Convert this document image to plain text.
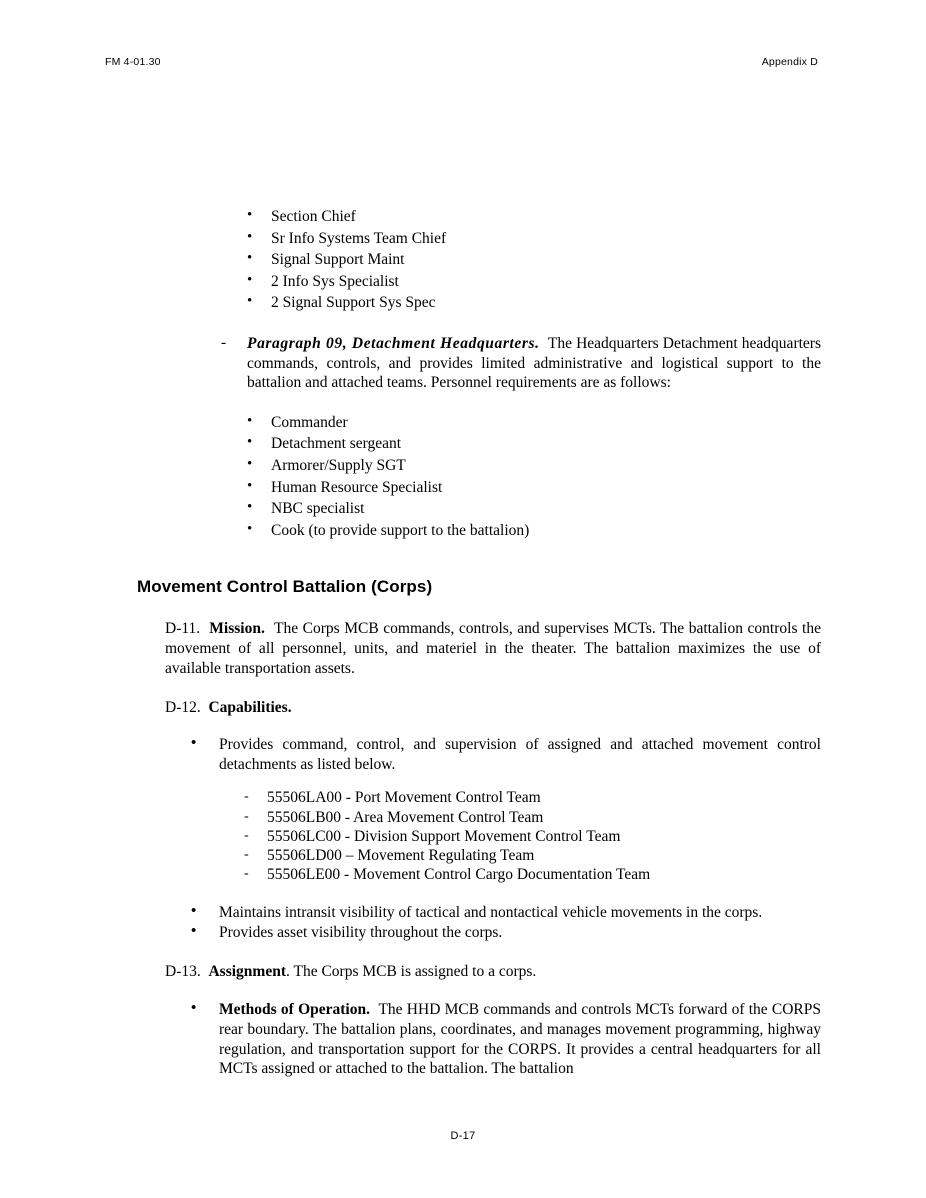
FM 4-01.30	Appendix D
• Section Chief
• Sr Info Systems Team Chief
• Signal Support Maint
• 2 Info Sys Specialist
• 2 Signal Support Sys Spec
- Paragraph 09, Detachment Headquarters. The Headquarters Detachment headquarters commands, controls, and provides limited administrative and logistical support to the battalion and attached teams. Personnel requirements are as follows:
• Commander
• Detachment sergeant
• Armorer/Supply SGT
• Human Resource Specialist
• NBC specialist
• Cook (to provide support to the battalion)
Movement Control Battalion (Corps)
D-11. Mission. The Corps MCB commands, controls, and supervises MCTs. The battalion controls the movement of all personnel, units, and materiel in the theater. The battalion maximizes the use of available transportation assets.
D-12. Capabilities.
• Provides command, control, and supervision of assigned and attached movement control detachments as listed below.
- 55506LA00 - Port Movement Control Team
- 55506LB00 - Area Movement Control Team
- 55506LC00 - Division Support Movement Control Team
- 55506LD00 – Movement Regulating Team
- 55506LE00 - Movement Control Cargo Documentation Team
• Maintains intransit visibility of tactical and nontactical vehicle movements in the corps.
• Provides asset visibility throughout the corps.
D-13. Assignment. The Corps MCB is assigned to a corps.
• Methods of Operation. The HHD MCB commands and controls MCTs forward of the CORPS rear boundary. The battalion plans, coordinates, and manages movement programming, highway regulation, and transportation support for the CORPS. It provides a central headquarters for all MCTs assigned or attached to the battalion. The battalion
D-17
